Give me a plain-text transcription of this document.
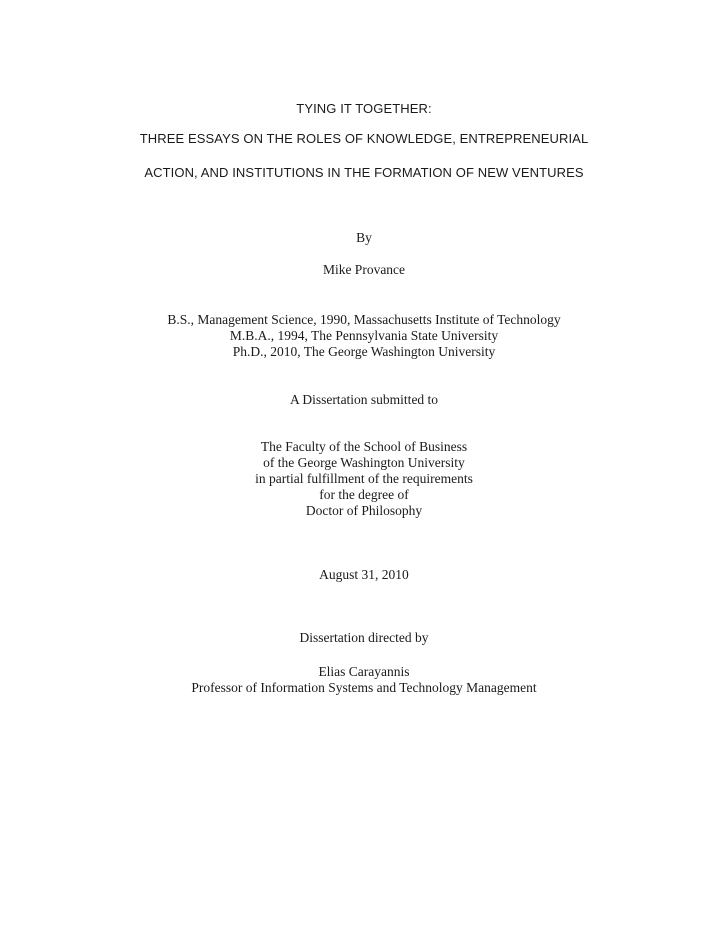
TYING IT TOGETHER:
THREE ESSAYS ON THE ROLES OF KNOWLEDGE, ENTREPRENEURIAL
ACTION, AND INSTITUTIONS IN THE FORMATION OF NEW VENTURES
By
Mike Provance
B.S., Management Science, 1990, Massachusetts Institute of Technology
M.B.A., 1994, The Pennsylvania State University
Ph.D., 2010, The George Washington University
A Dissertation submitted to
The Faculty of the School of Business
of the George Washington University
in partial fulfillment of the requirements
for the degree of
Doctor of Philosophy
August 31, 2010
Dissertation directed by
Elias Carayannis
Professor of Information Systems and Technology Management
